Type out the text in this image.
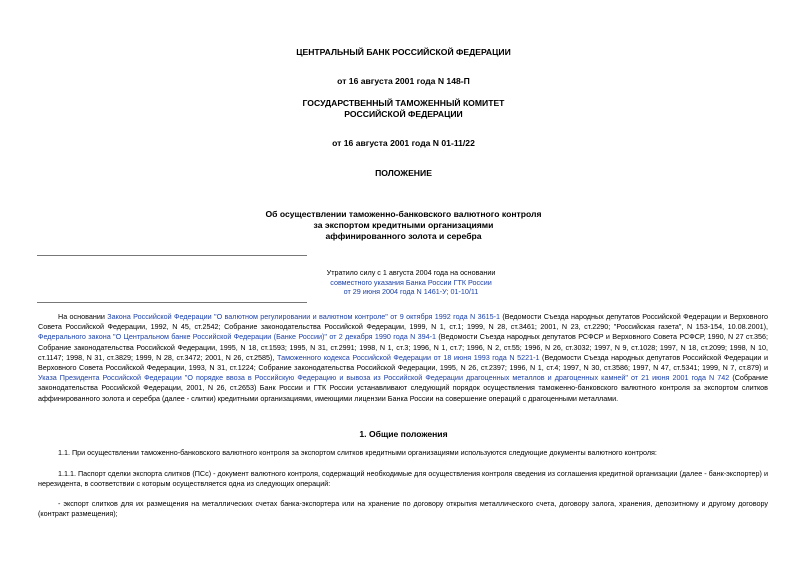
ЦЕНТРАЛЬНЫЙ БАНК РОССИЙСКОЙ ФЕДЕРАЦИИ
от 16 августа 2001 года N 148-П
ГОСУДАРСТВЕННЫЙ ТАМОЖЕННЫЙ КОМИТЕТ
РОССИЙСКОЙ ФЕДЕРАЦИИ
от 16 августа 2001 года N 01-11/22
ПОЛОЖЕНИЕ
Об осуществлении таможенно-банковского валютного контроля
за экспортом кредитными организациями
аффинированного золота и серебра
Утратило силу с 1 августа 2004 года на основании
совместного указания Банка России ГТК России
от 29 июня 2004 года N 1461-У; 01-10/11
На основании Закона Российской Федерации "О валютном регулировании и валютном контроле" от 9 октября 1992 года N 3615-1 (Ведомости Съезда народных депутатов Российской Федерации и Верховного Совета Российской Федерации, 1992, N 45, ст.2542; Собрание законодательства Российской Федерации, 1999, N 1, ст.1; 1999, N 28, ст.3461; 2001, N 23, ст.2290; "Российская газета", N 153-154, 10.08.2001), Федерального закона "О Центральном банке Российской Федерации (Банке России)" от 2 декабря 1990 года N 394-1 (Ведомости Съезда народных депутатов РСФСР и Верховного Совета РСФСР, 1990, N 27 ст.356; Собрание законодательства Российской Федерации, 1995, N 18, ст.1593; 1995, N 31, ст.2991; 1998, N 1, ст.3; 1996, N 1, ст.7; 1996, N 2, ст.55; 1996, N 26, ст.3032; 1997, N 9, ст.1028; 1997, N 18, ст.2099; 1998, N 10, ст.1147; 1998, N 31, ст.3829; 1999, N 28, ст.3472; 2001, N 26, ст.2585), Таможенного кодекса Российской Федерации от 18 июня 1993 года N 5221-1 (Ведомости Съезда народных депутатов Российской Федерации и Верховного Совета Российской Федерации, 1993, N 31, ст.1224; Собрание законодательства Российской Федерации, 1995, N 26, ст.2397; 1996, N 1, ст.4; 1997, N 30, ст.3586; 1997, N 47, ст.5341; 1999, N 7, ст.879) и Указа Президента Российской Федерации "О порядке ввоза в Российскую Федерацию и вывоза из Российской Федерации драгоценных металлов и драгоценных камней" от 21 июня 2001 года N 742 (Собрание законодательства Российской Федерации, 2001, N 26, ст.2653) Банк России и ГТК России устанавливают следующий порядок осуществления таможенно-банковского валютного контроля за экспортом слитков аффинированного золота и серебра (далее - слитки) кредитными организациями, имеющими лицензии Банка России на совершение операций с драгоценными металлами.
1. Общие положения
1.1. При осуществлении таможенно-банковского валютного контроля за экспортом слитков кредитными организациями используются следующие документы валютного контроля:
1.1.1. Паспорт сделки экспорта слитков (ПСс) - документ валютного контроля, содержащий необходимые для осуществления контроля сведения из соглашения кредитной организации (далее - банк-экспортер) и нерезидента, в соответствии с которым осуществляется одна из следующих операций:
- экспорт слитков для их размещения на металлических счетах банка-экспортера или на хранение по договору открытия металлического счета, договору залога, хранения, депозитному и другому договору (контракт размещения);
